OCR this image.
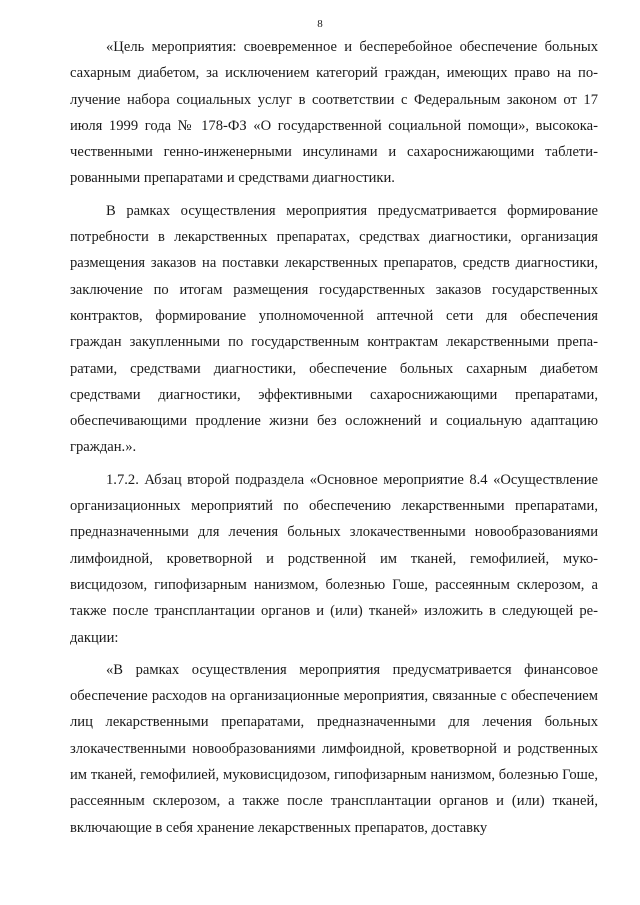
8

«Цель мероприятия: своевременное и бесперебойное обеспечение больных сахарным диабетом, за исключением категорий граждан, имеющих право на получение набора социальных услуг в соответствии с Федеральным законом от 17 июля 1999 года № 178-ФЗ «О государственной социальной помощи», высококачественными генно-инженерными инсулинами и сахароснижающими таблетированными препаратами и средствами диагностики.

В рамках осуществления мероприятия предусматривается формирование потребности в лекарственных препаратах, средствах диагностики, организация размещения заказов на поставки лекарственных препаратов, средств диагностики, заключение по итогам размещения государственных заказов государственных контрактов, формирование уполномоченной аптечной сети для обеспечения граждан закупленными по государственным контрактам лекарственными препаратами, средствами диагностики, обеспечение больных сахарным диабетом средствами диагностики, эффективными сахароснижающими препаратами, обеспечивающими продление жизни без осложнений и социальную адаптацию граждан.».

1.7.2. Абзац второй подраздела «Основное мероприятие 8.4 «Осуществление организационных мероприятий по обеспечению лекарственными препаратами, предназначенными для лечения больных злокачественными новообразованиями лимфоидной, кроветворной и родственной им тканей, гемофилией, муковисцидозом, гипофизарным нанизмом, болезнью Гоше, рассеянным склерозом, а также после трансплантации органов и (или) тканей» изложить в следующей редакции:

«В рамках осуществления мероприятия предусматривается финансовое обеспечение расходов на организационные мероприятия, связанные с обеспечением лиц лекарственными препаратами, предназначенными для лечения больных злокачественными новообразованиями лимфоидной, кроветворной и родственных им тканей, гемофилией, муковисцидозом, гипофизарным нанизмом, болезнью Гоше, рассеянным склерозом, а также после трансплантации органов и (или) тканей, включающие в себя хранение лекарственных препаратов, доставку
